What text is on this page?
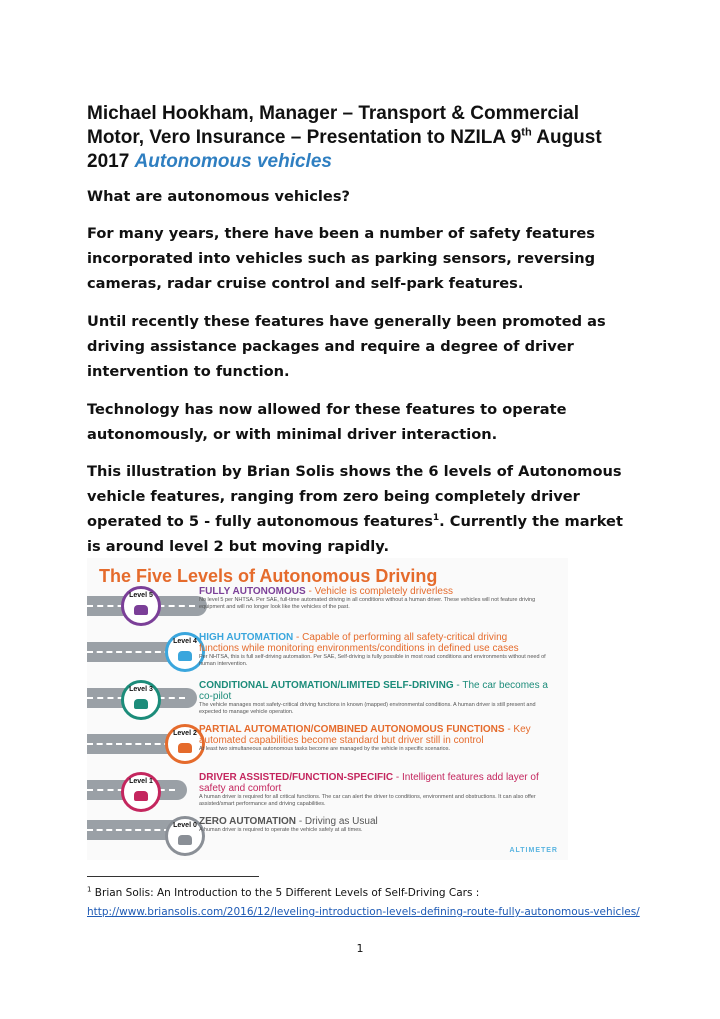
Michael Hookham, Manager – Transport & Commercial
Motor, Vero Insurance – Presentation to NZILA 9th August
2017 Autonomous vehicles

What are autonomous vehicles?

For many years, there have been a number of safety features incorporated into vehicles such as parking sensors, reversing cameras, radar cruise control and self-park features.

Until recently these features have generally been promoted as driving assistance packages and require a degree of driver intervention to function.

Technology has now allowed for these features to operate autonomously, or with minimal driver interaction.

This illustration by Brian Solis shows the 6 levels of Autonomous vehicle features, ranging from zero being completely driver operated to 5 - fully autonomous features$^1$. Currently the market is around level 2 but moving rapidly.

The Five Levels of Autonomous Driving
Level 5	FULLY AUTONOMOUS - Vehicle is completely driverless
No level 5 per NHTSA. Per SAE, full-time automated driving in all conditions without a human driver. These vehicles will not feature driving equipment and will no longer look like the vehicles of the past.
Level 4 HIGH AUTOMATION - Capable of performing all safety-critical driving functions while monitoring environments/conditions in defined use cases
Per NHTSA, this is full self-driving automation. Per SAE, Self-driving is fully possible in most road conditions and environments without need of human intervention.
Level 3	CONDITIONAL AUTOMATION/LIMITED SELF-DRIVING - The car becomes a co-pilot
The vehicle manages most safety-critical driving functions in known (mapped) environmental conditions. A human driver is still present and expected to manage vehicle operation.
Level 2 PARTIAL AUTOMATION/COMBINED AUTONOMOUS FUNCTIONS - Key automated capabilities become standard but driver still in control
At least two simultaneous autonomous tasks become are managed by the vehicle in specific scenarios.
Level 1	DRIVER ASSISTED/FUNCTION-SPECIFIC - Intelligent features add layer of safety and comfort
A human driver is required for all critical functions. The car can alert the driver to conditions, environment and obstructions. It can also offer assisted/smart performance and driving capabilities.
Level 0 ZERO AUTOMATION - Driving as Usual
A human driver is required to operate the vehicle safely at all times.
ALTIMETER
$^1$ Brian Solis: An Introduction to the 5 Different Levels of Self-Driving Cars :
http://www.briansolis.com/2016/12/leveling-introduction-levels-defining-route-fully-autonomous-vehicles/
1
